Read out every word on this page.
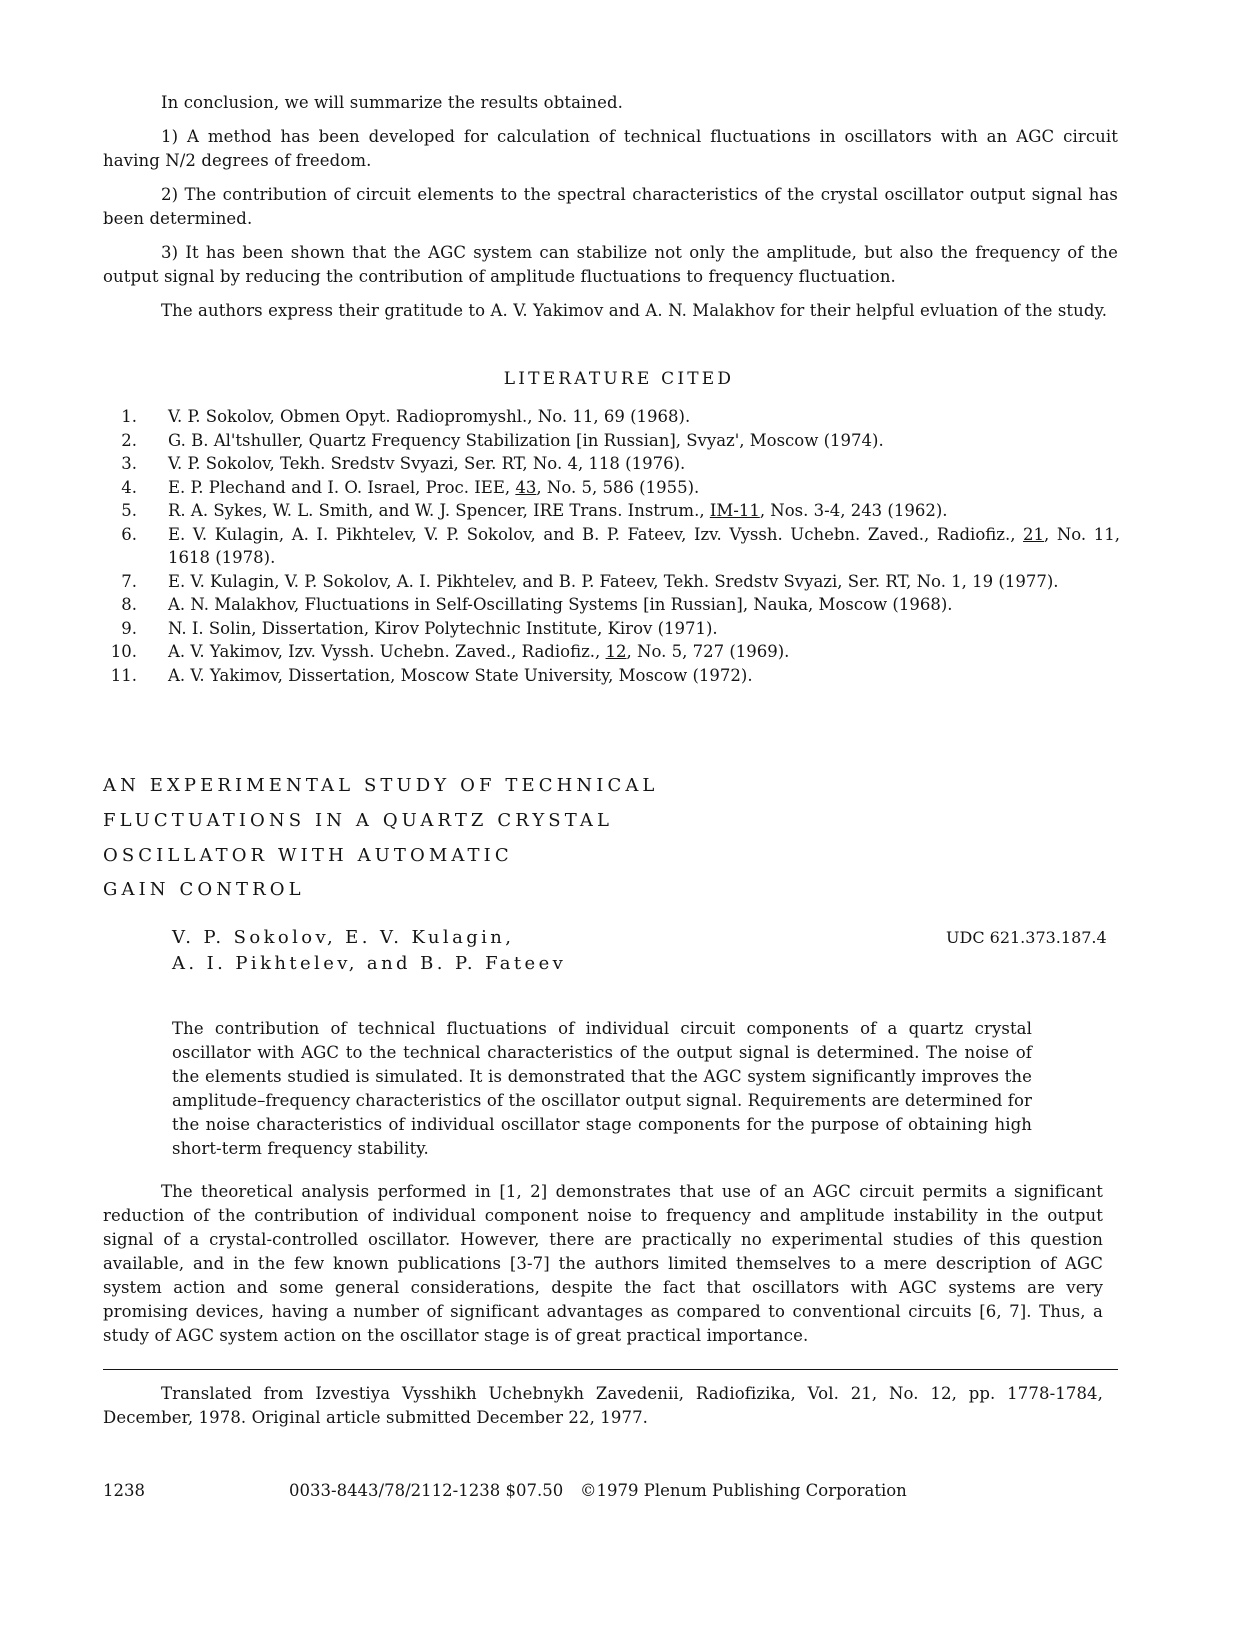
In conclusion, we will summarize the results obtained.

1) A method has been developed for calculation of technical fluctuations in oscillators with an AGC circuit having N/2 degrees of freedom.

2) The contribution of circuit elements to the spectral characteristics of the crystal oscillator output signal has been determined.

3) It has been shown that the AGC system can stabilize not only the amplitude, but also the frequency of the output signal by reducing the contribution of amplitude fluctuations to frequency fluctuation.

The authors express their gratitude to A. V. Yakimov and A. N. Malakhov for their helpful evluation of the study.

LITERATURE CITED
1. V. P. Sokolov, Obmen Opyt. Radiopromyshl., No. 11, 69 (1968).
2. G. B. Al'tshuller, Quartz Frequency Stabilization [in Russian], Svyaz', Moscow (1974).
3. V. P. Sokolov, Tekh. Sredstv Svyazi, Ser. RT, No. 4, 118 (1976).
4. E. P. Plechand and I. O. Israel, Proc. IEE, 43, No. 5, 586 (1955).
5. R. A. Sykes, W. L. Smith, and W. J. Spencer, IRE Trans. Instrum., IM-11, Nos. 3-4, 243 (1962).
6. E. V. Kulagin, A. I. Pikhtelev, V. P. Sokolov, and B. P. Fateev, Izv. Vyssh. Uchebn. Zaved., Radiofiz., 21, No. 11, 1618 (1978).
7. E. V. Kulagin, V. P. Sokolov, A. I. Pikhtelev, and B. P. Fateev, Tekh. Sredstv Svyazi, Ser. RT, No. 1, 19 (1977).
8. A. N. Malakhov, Fluctuations in Self-Oscillating Systems [in Russian], Nauka, Moscow (1968).
9. N. I. Solin, Dissertation, Kirov Polytechnic Institute, Kirov (1971).
10. A. V. Yakimov, Izv. Vyssh. Uchebn. Zaved., Radiofiz., 12, No. 5, 727 (1969).
11. A. V. Yakimov, Dissertation, Moscow State University, Moscow (1972).
AN EXPERIMENTAL STUDY OF TECHNICAL
FLUCTUATIONS IN A QUARTZ CRYSTAL
OSCILLATOR WITH AUTOMATIC
GAIN CONTROL
V. P. Sokolov, E. V. Kulagin,
A. I. Pikhtelev, and B. P. Fateev
UDC 621.373.187.4

The contribution of technical fluctuations of individual circuit components of a quartz crystal oscillator with AGC to the technical characteristics of the output signal is determined. The noise of the elements studied is simulated. It is demonstrated that the AGC system significantly improves the amplitude–frequency characteristics of the oscillator output signal. Requirements are determined for the noise characteristics of individual oscillator stage components for the purpose of obtaining high short-term frequency stability.

The theoretical analysis performed in [1, 2] demonstrates that use of an AGC circuit permits a significant reduction of the contribution of individual component noise to frequency and amplitude instability in the output signal of a crystal-controlled oscillator. However, there are practically no experimental studies of this question available, and in the few known publications [3-7] the authors limited themselves to a mere description of AGC system action and some general considerations, despite the fact that oscillators with AGC systems are very promising devices, having a number of significant advantages as compared to conventional circuits [6, 7]. Thus, a study of AGC system action on the oscillator stage is of great practical importance.

Translated from Izvestiya Vysshikh Uchebnykh Zavedenii, Radiofizika, Vol. 21, No. 12, pp. 1778-1784, December, 1978. Original article submitted December 22, 1977.

1238	0033-8443/78/2112-1238 $07.50 ©1979 Plenum Publishing Corporation
